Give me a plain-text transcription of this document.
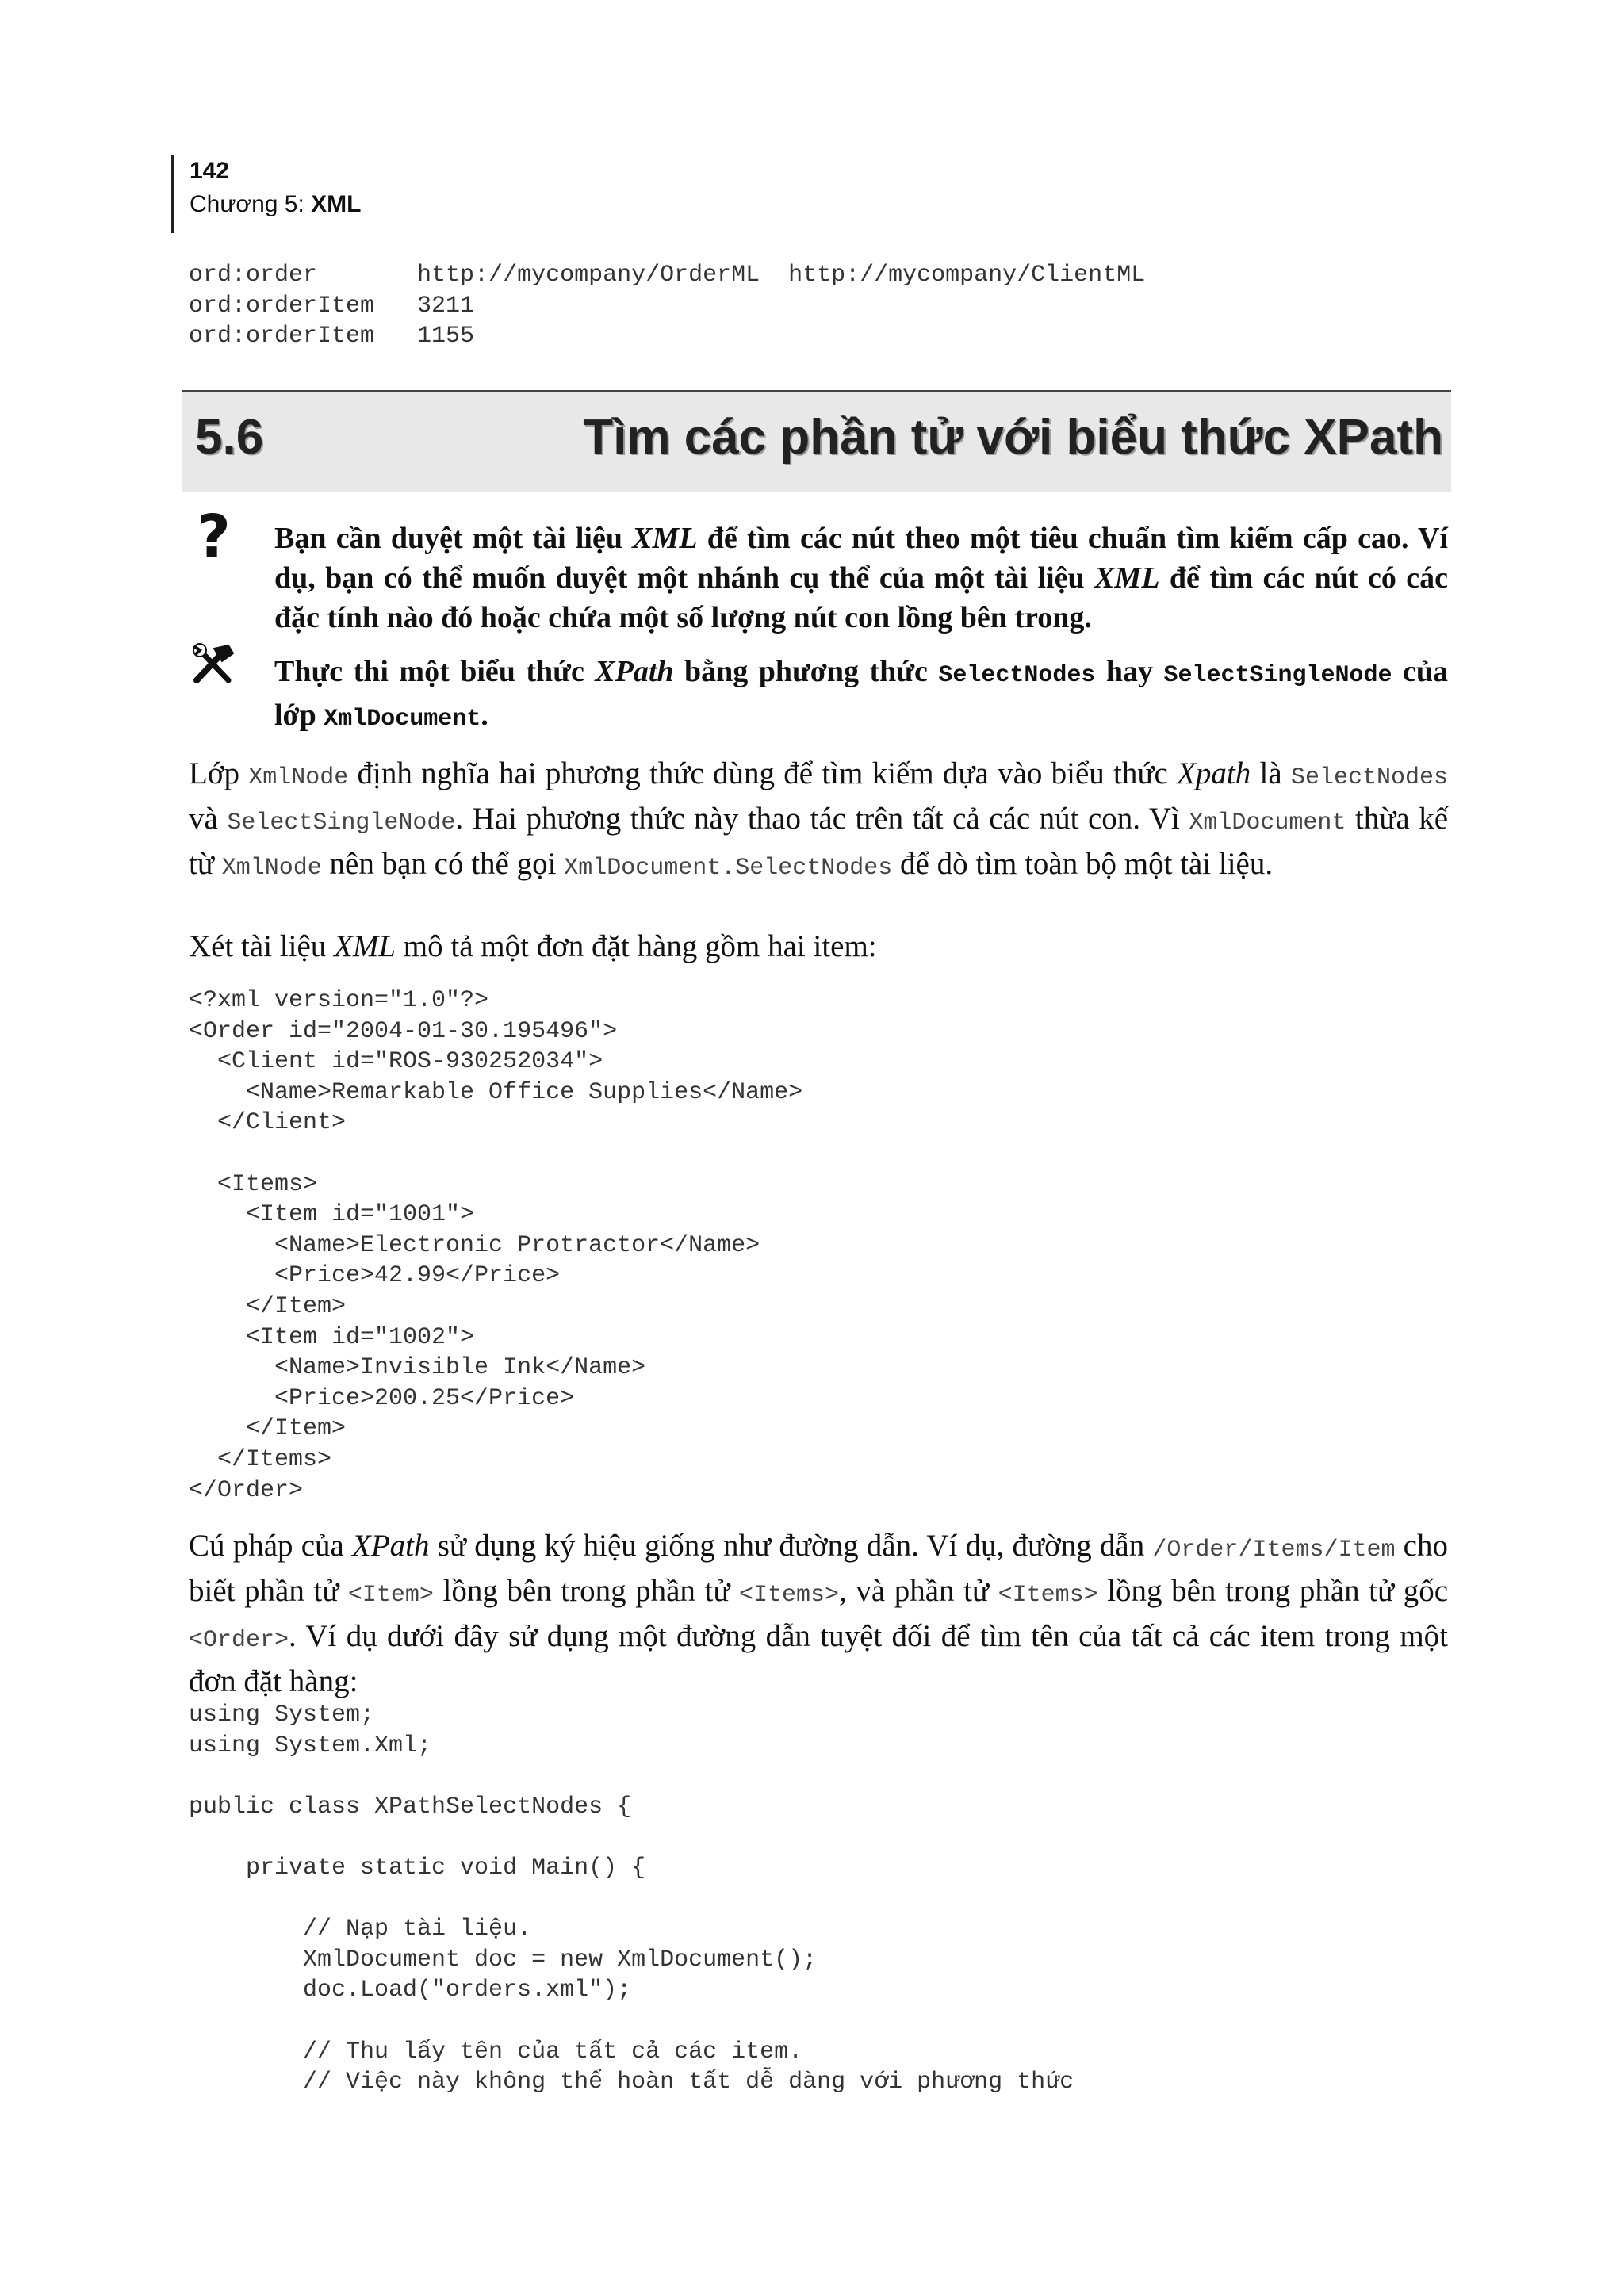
142
Chương 5: XML
ord:order       http://mycompany/OrderML  http://mycompany/ClientML
ord:orderItem   3211
ord:orderItem   1155
5.6	Tìm các phần tử với biểu thức XPath
? Bạn cần duyệt một tài liệu XML để tìm các nút theo một tiêu chuẩn tìm kiếm cấp cao. Ví dụ, bạn có thể muốn duyệt một nhánh cụ thể của một tài liệu XML để tìm các nút có các đặc tính nào đó hoặc chứa một số lượng nút con lồng bên trong.
Thực thi một biểu thức XPath bằng phương thức SelectNodes hay SelectSingleNode của lớp XmlDocument.

Lớp XmlNode định nghĩa hai phương thức dùng để tìm kiếm dựa vào biểu thức Xpath là SelectNodes và SelectSingleNode. Hai phương thức này thao tác trên tất cả các nút con. Vì XmlDocument thừa kế từ XmlNode nên bạn có thể gọi XmlDocument.SelectNodes để dò tìm toàn bộ một tài liệu.

Xét tài liệu XML mô tả một đơn đặt hàng gồm hai item:

<?xml version="1.0"?>
<Order id="2004-01-30.195496">
<Client id="ROS-930252034">
<Name>Remarkable Office Supplies</Name>
</Client>

<Items>
<Item id="1001">
<Name>Electronic Protractor</Name>
<Price>42.99</Price>
</Item>
<Item id="1002">
<Name>Invisible Ink</Name>
<Price>200.25</Price>
</Item>
</Items>
</Order>

Cú pháp của XPath sử dụng ký hiệu giống như đường dẫn. Ví dụ, đường dẫn /Order/Items/Item cho biết phần tử <Item> lồng bên trong phần tử <Items>, và phần tử <Items> lồng bên trong phần tử gốc <Order>. Ví dụ dưới đây sử dụng một đường dẫn tuyệt đối để tìm tên của tất cả các item trong một đơn đặt hàng:

using System;
using System.Xml;

public class XPathSelectNodes {

private static void Main() {

// Nạp tài liệu.
XmlDocument doc = new XmlDocument();
doc.Load("orders.xml");

// Thu lấy tên của tất cả các item.
// Việc này không thể hoàn tất dễ dàng với phương thức
